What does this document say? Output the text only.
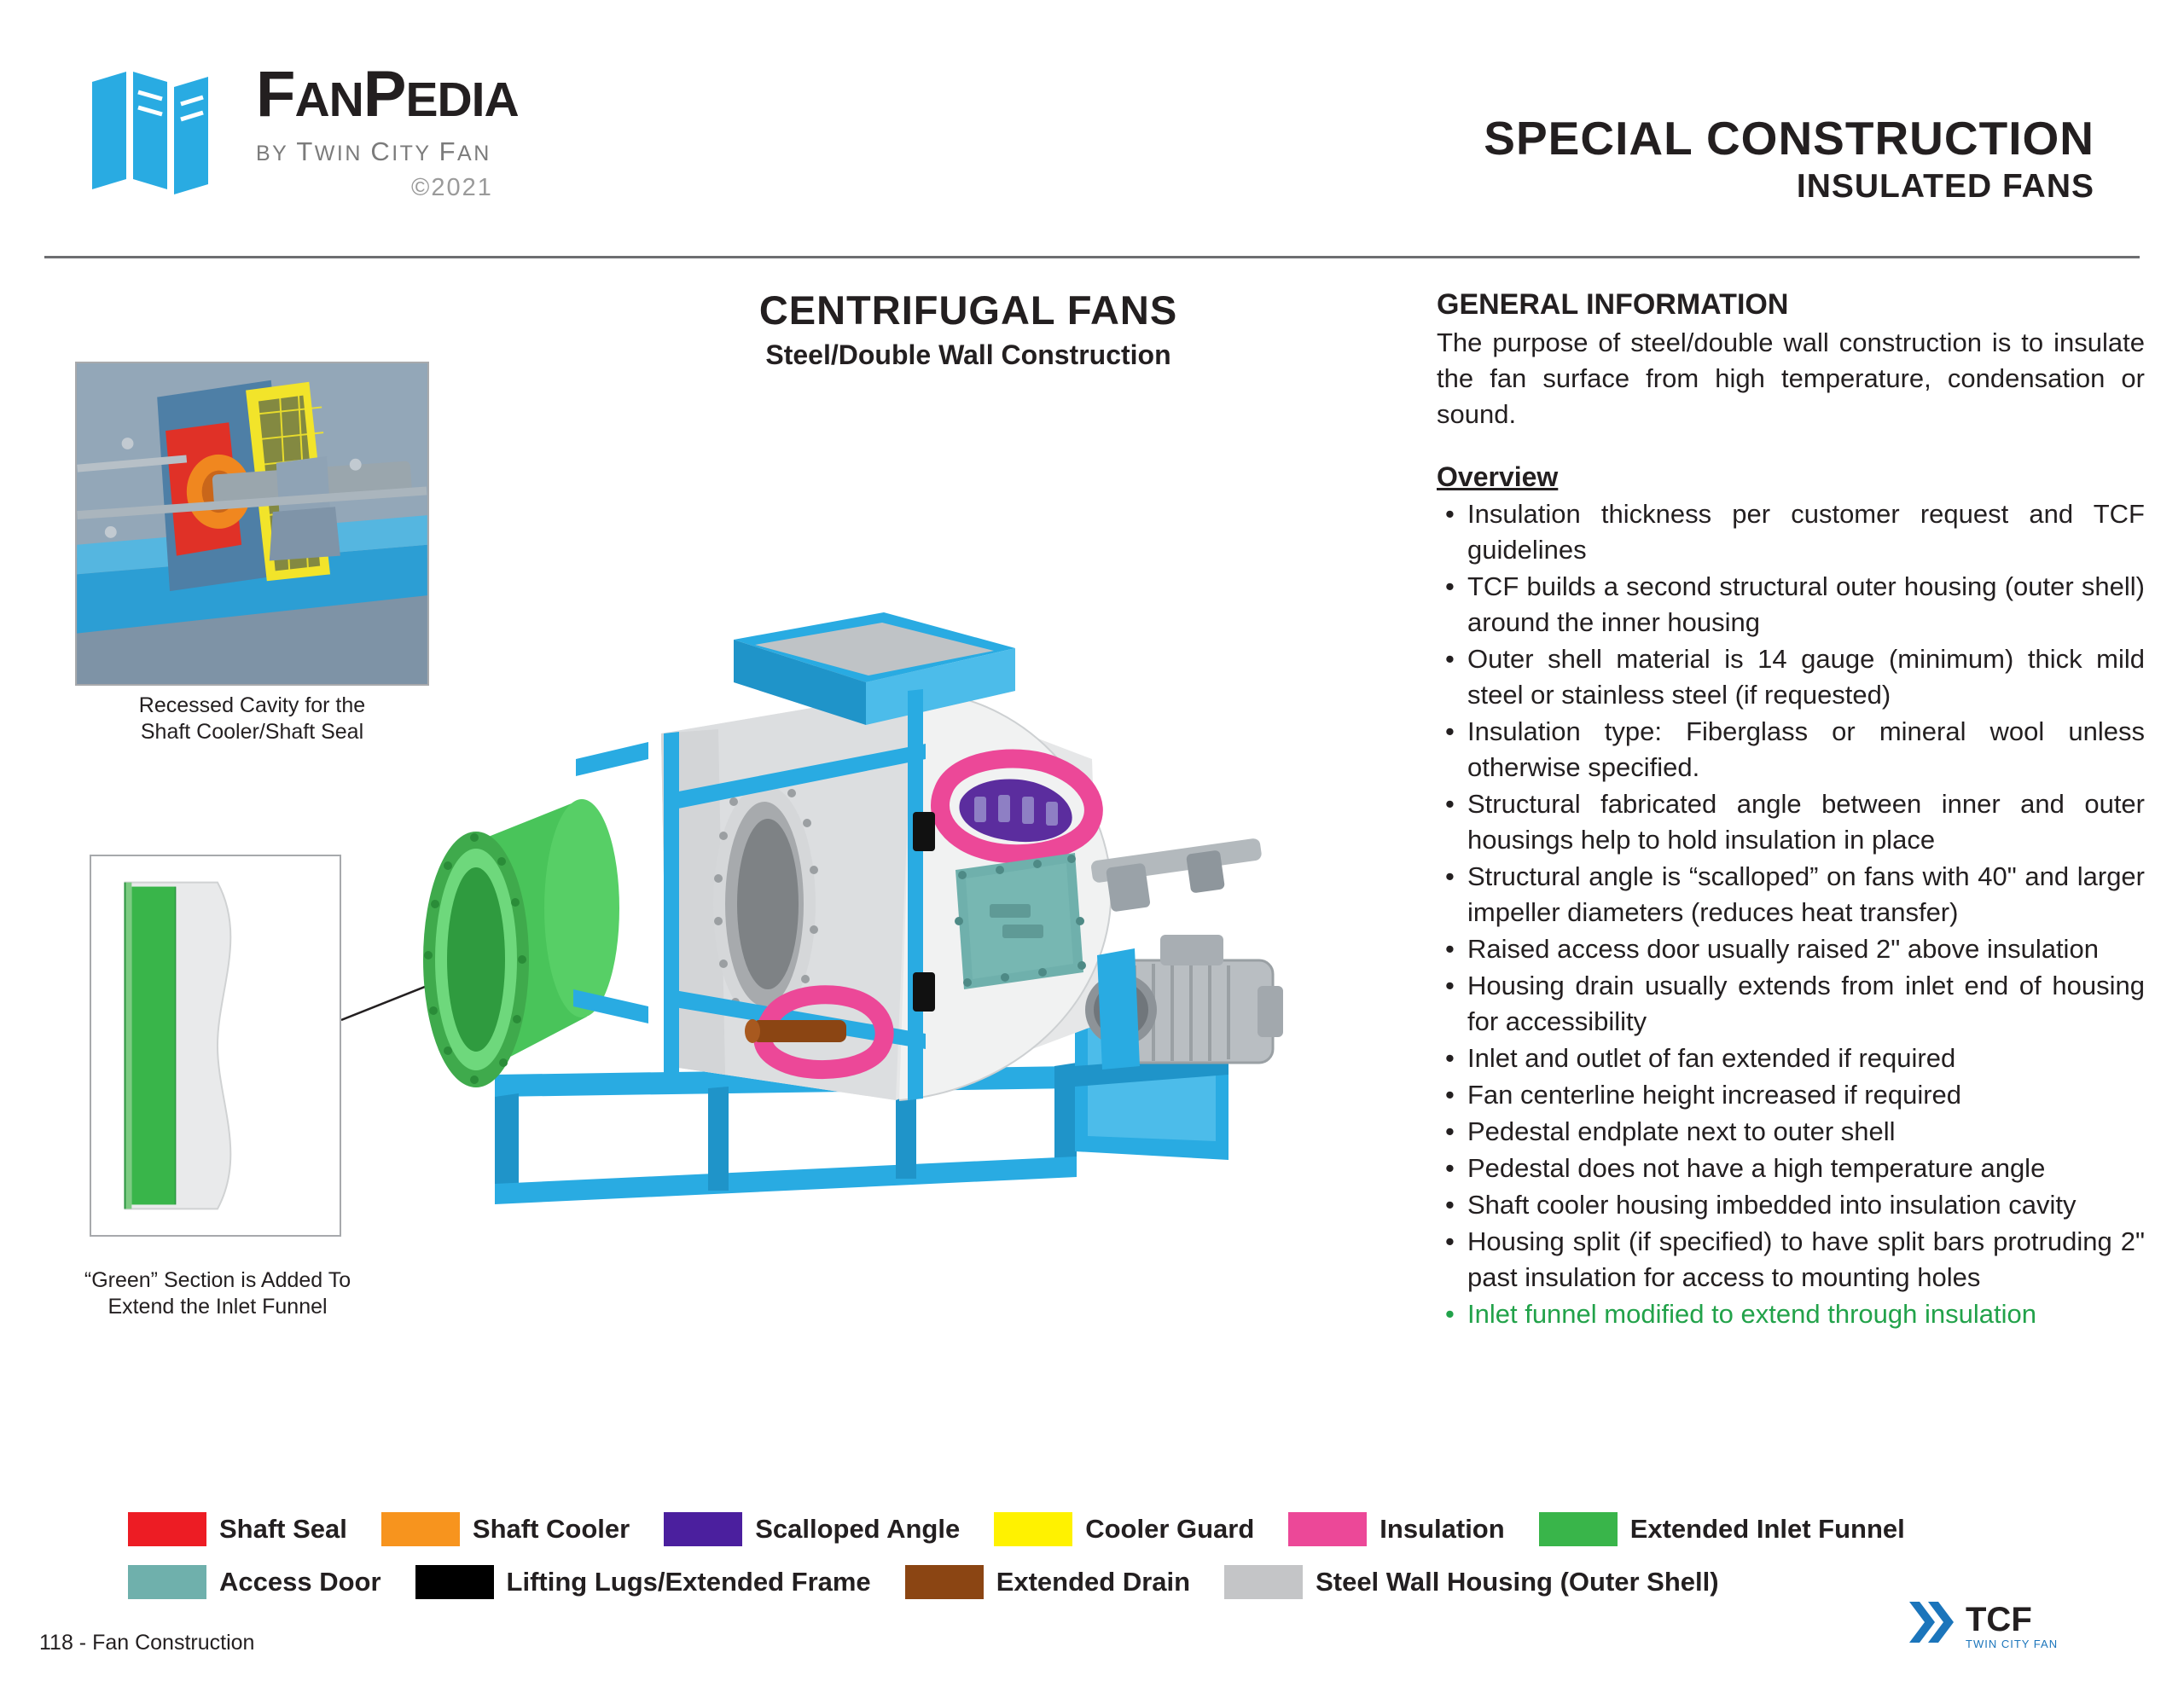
FANPEDIA
BY TWIN CITY FAN
©2021
SPECIAL CONSTRUCTION
INSULATED FANS
Recessed Cavity for the
Shaft Cooler/Shaft Seal
“Green” Section is Added To
Extend the Inlet Funnel
CENTRIFUGAL FANS
Steel/Double Wall Construction
GENERAL INFORMATION
The purpose of steel/double wall construction is to insulate the fan surface from high temperature, condensation or sound.
Overview
• Insulation thickness per customer request and TCF guidelines
• TCF builds a second structural outer housing (outer shell) around the inner housing
• Outer shell material is 14 gauge (minimum) thick mild steel or stainless steel (if requested)
• Insulation type: Fiberglass or mineral wool unless otherwise specified.
• Structural fabricated angle between inner and outer housings help to hold insulation in place
• Structural angle is “scalloped” on fans with 40" and larger impeller diameters (reduces heat transfer)
• Raised access door usually raised 2" above insulation
• Housing drain usually extends from inlet end of housing for accessibility
• Inlet and outlet of fan extended if required
• Fan centerline height increased if required
• Pedestal endplate next to outer shell
• Pedestal does not have a high temperature angle
• Shaft cooler housing imbedded into insulation cavity
• Housing split (if specified) to have split bars protruding 2" past insulation for access to mounting holes
• Inlet funnel modified to extend through insulation
Shaft Seal	Shaft Cooler	Scalloped Angle	Cooler Guard	Insulation	Extended Inlet Funnel
Access Door	Lifting Lugs/Extended Frame	Extended Drain	Steel Wall Housing (Outer Shell)
118 - Fan Construction
TCF
TWIN CITY FAN
